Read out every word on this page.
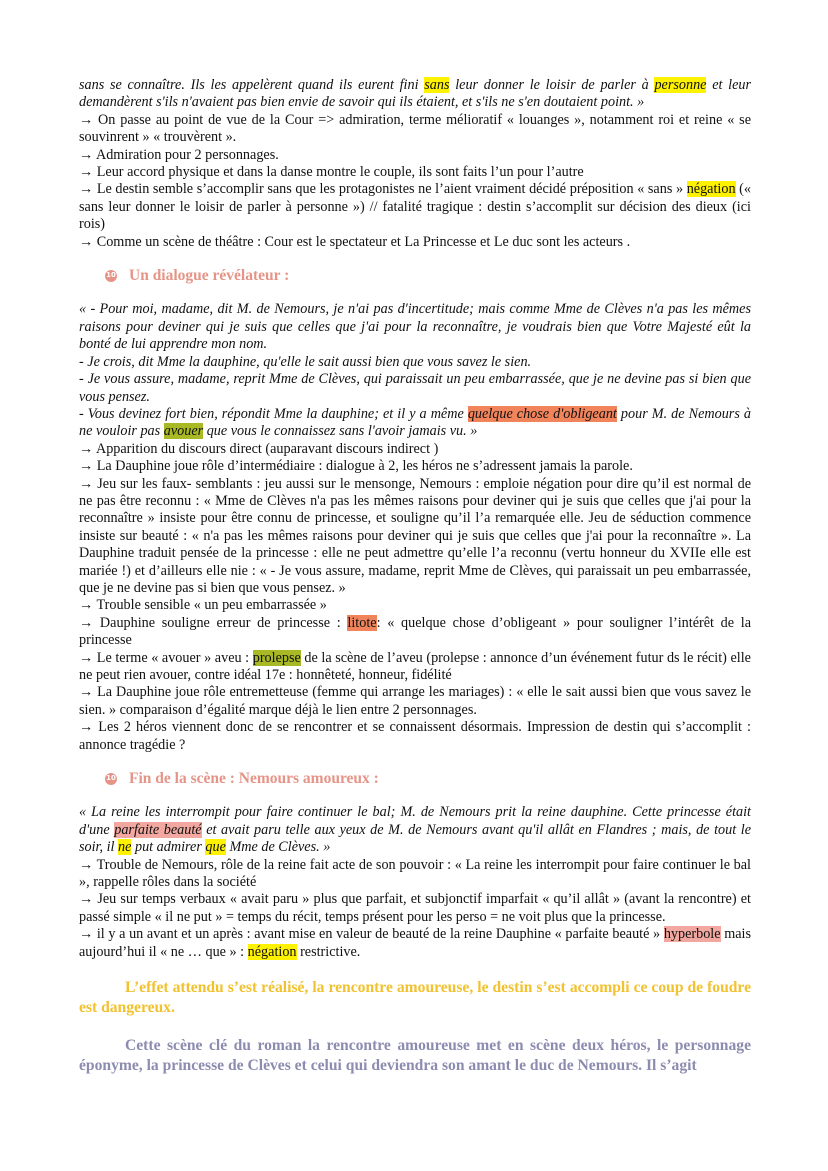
sans se connaître. Ils les appelèrent quand ils eurent fini sans leur donner le loisir de parler à personne et leur demandèrent s'ils n'avaient pas bien envie de savoir qui ils étaient, et s'ils ne s'en doutaient point. »

→ On passe au point de vue de la Cour => admiration, terme mélioratif « louanges », notamment roi et reine « se souvinrent » « trouvèrent ».

→ Admiration pour 2 personnages.

→ Leur accord physique et dans la danse montre le couple, ils sont faits l’un pour l’autre

→ Le destin semble s’accomplir sans que les protagonistes ne l’aient vraiment décidé préposition « sans » négation (« sans leur donner le loisir de parler à personne ») // fatalité tragique : destin s’accomplit sur décision des dieux (ici rois)

→ Comme un scène de théâtre : Cour est le spectateur et La Princesse et Le duc sont les acteurs .

10 Un dialogue révélateur :

« - Pour moi, madame, dit M. de Nemours, je n'ai pas d'incertitude; mais comme Mme de Clèves n'a pas les mêmes raisons pour deviner qui je suis que celles que j'ai pour la reconnaître, je voudrais bien que Votre Majesté eût la bonté de lui apprendre mon nom.

- Je crois, dit Mme la dauphine, qu'elle le sait aussi bien que vous savez le sien.

- Je vous assure, madame, reprit Mme de Clèves, qui paraissait un peu embarrassée, que je ne devine pas si bien que vous pensez.

- Vous devinez fort bien, répondit Mme la dauphine; et il y a même quelque chose d'obligeant pour M. de Nemours à ne vouloir pas avouer que vous le connaissez sans l'avoir jamais vu. »

→ Apparition du discours direct (auparavant discours indirect )

→ La Dauphine joue rôle d’intermédiaire : dialogue à 2, les héros ne s’adressent jamais la parole.

→ Jeu sur les faux- semblants : jeu aussi sur le mensonge, Nemours : emploie négation pour dire qu’il est normal de ne pas être reconnu : « Mme de Clèves n'a pas les mêmes raisons pour deviner qui je suis que celles que j'ai pour la reconnaître » insiste pour être connu de princesse, et souligne qu’il l’a remarquée elle. Jeu de séduction commence insiste sur beauté : « n'a pas les mêmes raisons pour deviner qui je suis que celles que j'ai pour la reconnaître ». La Dauphine traduit pensée de la princesse : elle ne peut admettre qu’elle l’a reconnu (vertu honneur du XVIIe elle est mariée !) et d’ailleurs elle nie : « - Je vous assure, madame, reprit Mme de Clèves, qui paraissait un peu embarrassée, que je ne devine pas si bien que vous pensez. »

→ Trouble sensible « un peu embarrassée »

→ Dauphine souligne erreur de princesse : litote: « quelque chose d’obligeant » pour souligner l’intérêt de la princesse

→ Le terme « avouer » aveu : prolepse de la scène de l’aveu (prolepse : annonce d’un événement futur ds le récit) elle ne peut rien avouer, contre idéal 17e : honnêteté, honneur, fidélité

→ La Dauphine joue rôle entremetteuse (femme qui arrange les mariages) : « elle le sait aussi bien que vous savez le sien. » comparaison d’égalité marque déjà le lien entre 2 personnages.

→ Les 2 héros viennent donc de se rencontrer et se connaissent désormais. Impression de destin qui s’accomplit : annonce tragédie ?

10 Fin de la scène : Nemours amoureux :

« La reine les interrompit pour faire continuer le bal; M. de Nemours prit la reine dauphine. Cette princesse était d'une parfaite beauté et avait paru telle aux yeux de M. de Nemours avant qu'il allât en Flandres ; mais, de tout le soir, il ne put admirer que Mme de Clèves. »

→ Trouble de Nemours, rôle de la reine fait acte de son pouvoir : « La reine les interrompit pour faire continuer le bal », rappelle rôles dans la société

→ Jeu sur temps verbaux « avait paru » plus que parfait, et subjonctif imparfait « qu’il allât » (avant la rencontre) et passé simple « il ne put » = temps du récit, temps présent pour les perso = ne voit plus que la princesse.

→ il y a un avant et un après : avant mise en valeur de beauté de la reine Dauphine « parfaite beauté » hyperbole mais aujourd’hui il « ne … que » : négation restrictive.

L’effet attendu s’est réalisé, la rencontre amoureuse, le destin s’est accompli ce coup de foudre est dangereux.

Cette scène clé du roman la rencontre amoureuse met en scène deux héros, le personnage éponyme, la princesse de Clèves et celui qui deviendra son amant le duc de Nemours. Il s’agit
